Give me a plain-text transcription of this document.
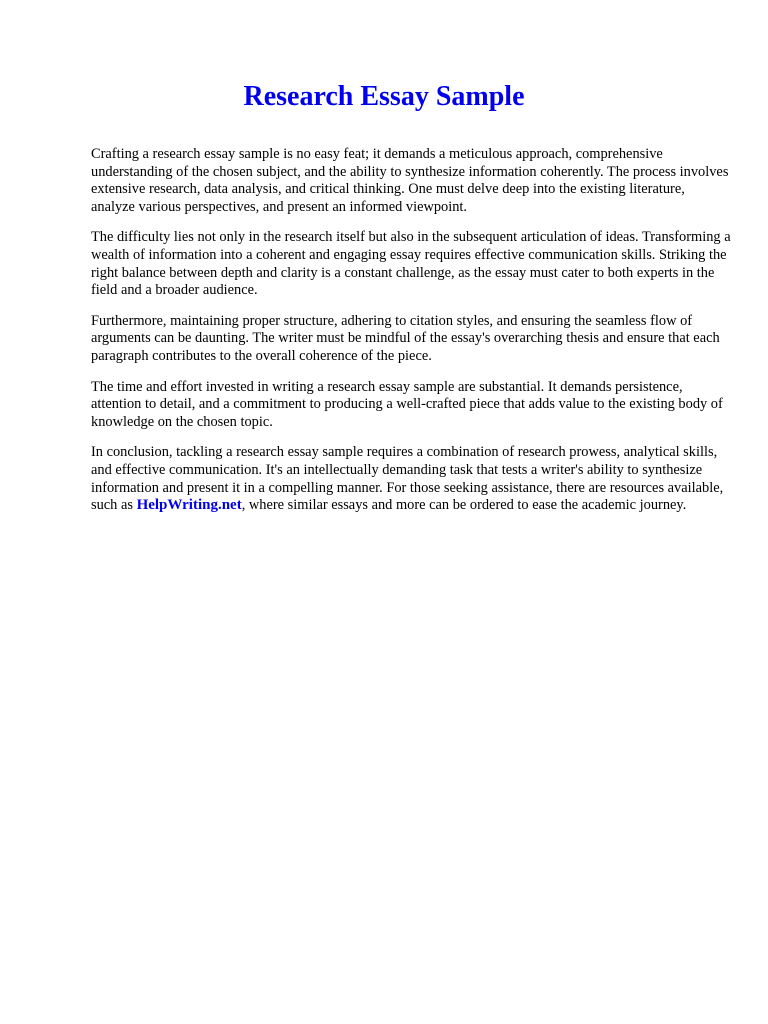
Research Essay Sample

Crafting a research essay sample is no easy feat; it demands a meticulous approach, comprehensive understanding of the chosen subject, and the ability to synthesize information coherently. The process involves extensive research, data analysis, and critical thinking. One must delve deep into the existing literature, analyze various perspectives, and present an informed viewpoint.

The difficulty lies not only in the research itself but also in the subsequent articulation of ideas. Transforming a wealth of information into a coherent and engaging essay requires effective communication skills. Striking the right balance between depth and clarity is a constant challenge, as the essay must cater to both experts in the field and a broader audience.

Furthermore, maintaining proper structure, adhering to citation styles, and ensuring the seamless flow of arguments can be daunting. The writer must be mindful of the essay's overarching thesis and ensure that each paragraph contributes to the overall coherence of the piece.

The time and effort invested in writing a research essay sample are substantial. It demands persistence, attention to detail, and a commitment to producing a well-crafted piece that adds value to the existing body of knowledge on the chosen topic.

In conclusion, tackling a research essay sample requires a combination of research prowess, analytical skills, and effective communication. It's an intellectually demanding task that tests a writer's ability to synthesize information and present it in a compelling manner. For those seeking assistance, there are resources available, such as HelpWriting.net, where similar essays and more can be ordered to ease the academic journey.
